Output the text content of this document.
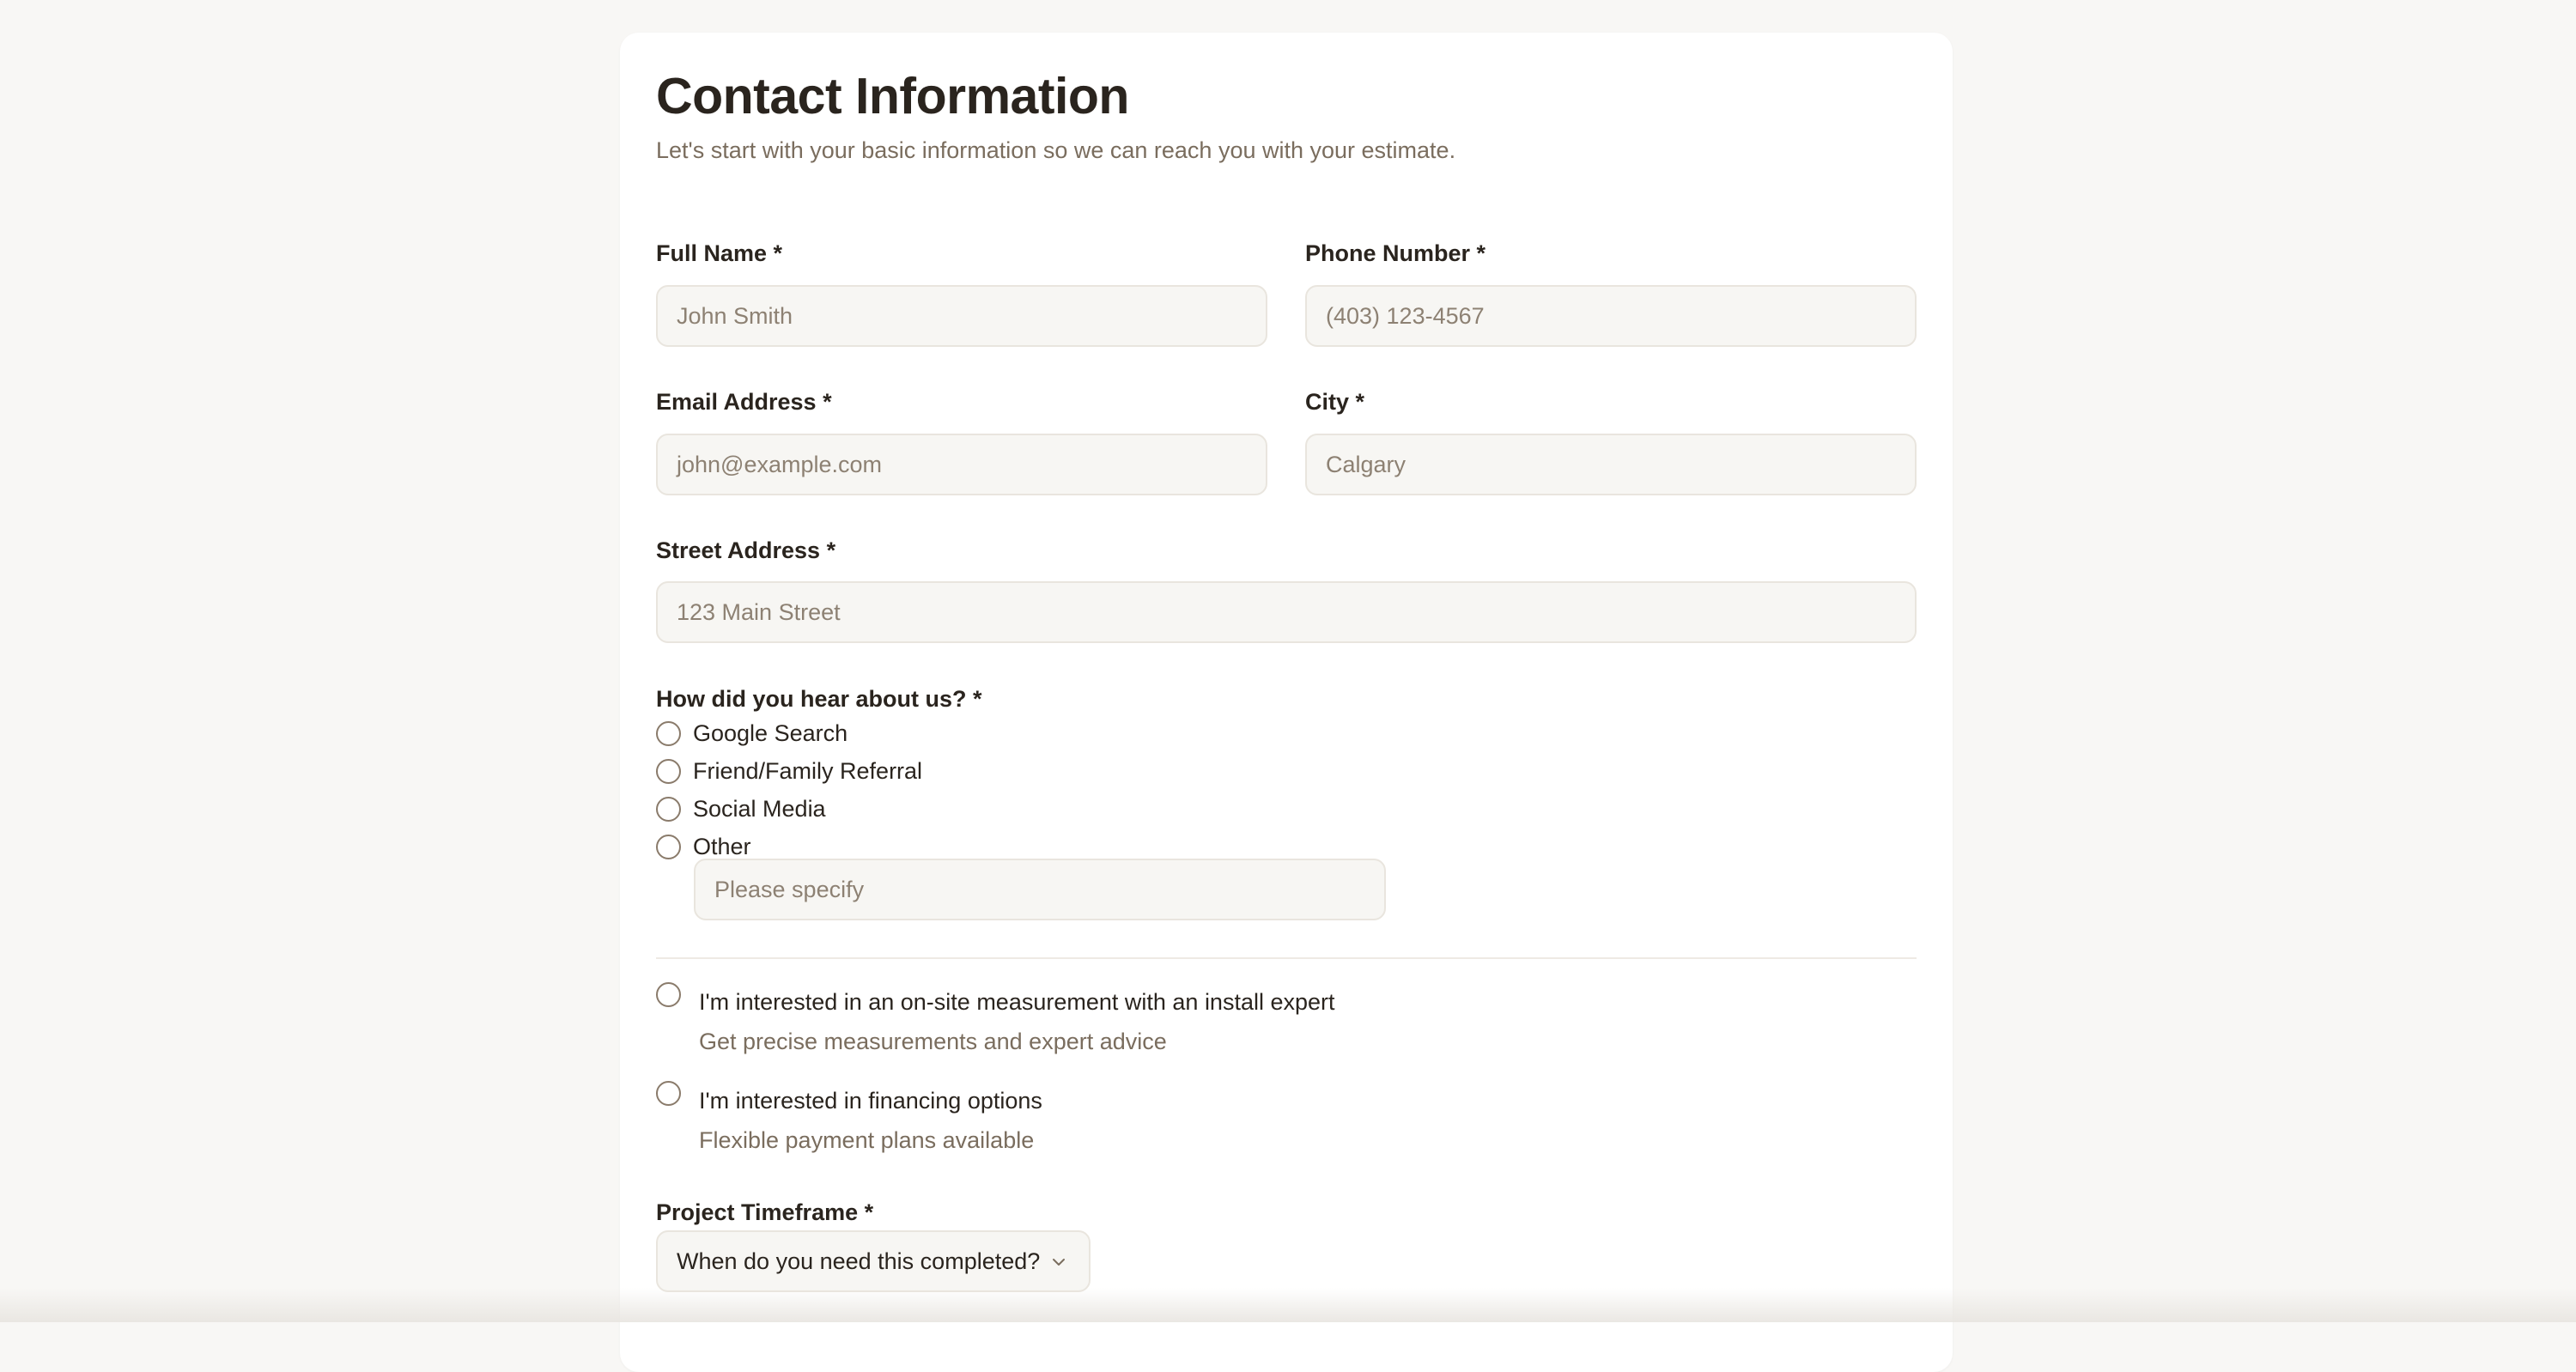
Contact Information

Let's start with your basic information so we can reach you with your estimate.

Full Name *
John Smith
Phone Number *
(403) 123-4567
Email Address *
john@example.com
City *
Calgary
Street Address *
123 Main Street
How did you hear about us? *
Google Search
Friend/Family Referral
Social Media
Other
Please specify
I'm interested in an on-site measurement with an install expert
Get precise measurements and expert advice
I'm interested in financing options
Flexible payment plans available
Project Timeframe *
When do you need this completed?
